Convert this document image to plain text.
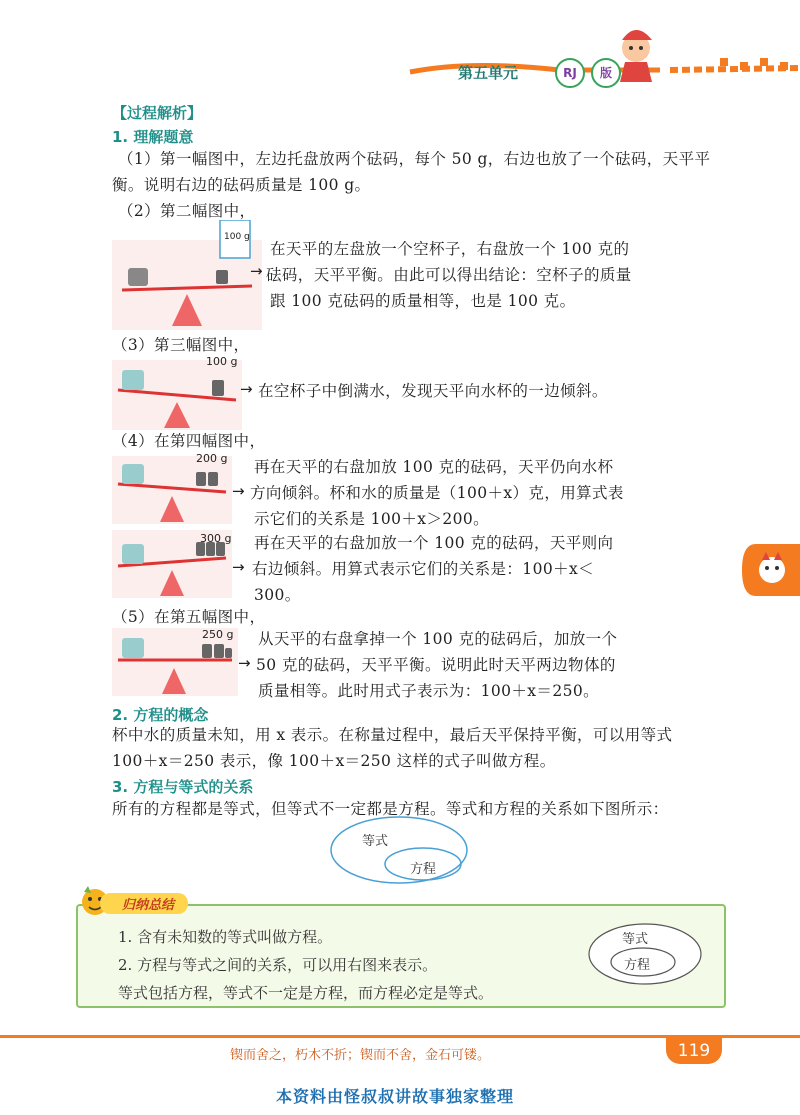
第五单元	RJ	版
【过程解析】
1. 理解题意
（1）第一幅图中，左边托盘放两个砝码，每个 50 g，右边也放了一个砝码，天平平
衡。说明右边的砝码质量是 100 g。
（2）第二幅图中，
100 g
→
在天平的左盘放一个空杯子，右盘放一个 100 克的
砝码，天平平衡。由此可以得出结论：空杯子的质量
跟 100 克砝码的质量相等，也是 100 克。
（3）第三幅图中，
100 g
→ 在空杯子中倒满水，发现天平向水杯的一边倾斜。
（4）在第四幅图中，
200 g
→
再在天平的右盘加放 100 克的砝码，天平仍向水杯
方向倾斜。杯和水的质量是（100＋x）克，用算式表
示它们的关系是 100＋x＞200。
300 g
→
再在天平的右盘加放一个 100 克的砝码，天平则向
右边倾斜。用算式表示它们的关系是：100＋x＜
300。
（5）在第五幅图中，
250 g
→
从天平的右盘拿掉一个 100 克的砝码后，加放一个
50 克的砝码，天平平衡。说明此时天平两边物体的
质量相等。此时用式子表示为：100＋x＝250。
2. 方程的概念
杯中水的质量未知，用 x 表示。在称量过程中，最后天平保持平衡，可以用等式
100＋x＝250 表示，像 100＋x＝250 这样的式子叫做方程。
3. 方程与等式的关系
所有的方程都是等式，但等式不一定都是方程。等式和方程的关系如下图所示：
等式
方程
归纳总结
1. 含有未知数的等式叫做方程。
2. 方程与等式之间的关系，可以用右图来表示。
等式包括方程，等式不一定是方程，而方程必定是等式。
等式
方程
锲而舍之，朽木不折；锲而不舍，金石可镂。	119
本资料由怪叔叔讲故事独家整理
